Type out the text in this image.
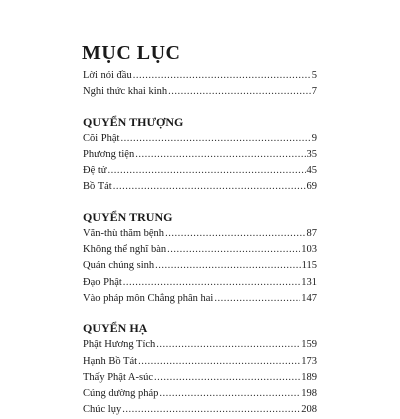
MỤC LỤC
Lời nói đầu .....	5
Nghi thức khai kinh .....	7
QUYỂN THƯỢNG
Cõi Phật .....	9
Phương tiện .....	35
Đệ tử .....	45
Bồ Tát .....	69
QUYỂN TRUNG
Văn-thù thăm bệnh .....	87
Không thể nghĩ bàn .....	103
Quán chúng sinh .....	115
Đạo Phật .....	131
Vào pháp môn Chẳng phân hai .....	147
QUYỂN HẠ
Phật Hương Tích .....	159
Hạnh Bồ Tát .....	173
Thấy Phật A-súc .....	189
Cúng dường pháp .....	198
Chúc lụy .....	208
